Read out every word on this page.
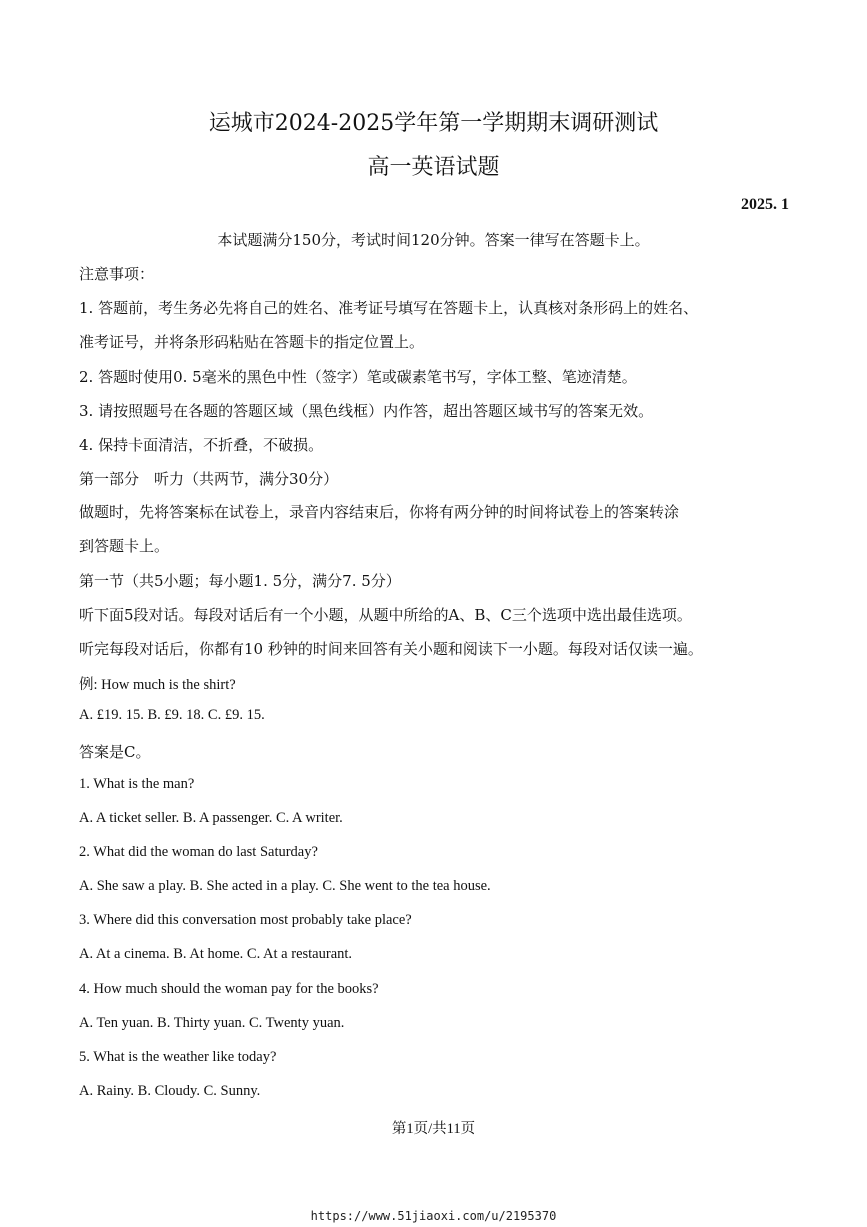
运城市2024-2025学年第一学期期末调研测试
高一英语试题
2025. 1
本试题满分150分，考试时间120分钟。答案一律写在答题卡上。
注意事项：
1. 答题前，考生务必先将自己的姓名、准考证号填写在答题卡上，认真核对条形码上的姓名、
准考证号，并将条形码粘贴在答题卡的指定位置上。
2. 答题时使用0. 5毫米的黑色中性（签字）笔或碳素笔书写，字体工整、笔迹清楚。
3. 请按照题号在各题的答题区域（黑色线框）内作答，超出答题区域书写的答案无效。
4. 保持卡面清洁，不折叠，不破损。
第一部分　听力（共两节，满分30分）
做题时，先将答案标在试卷上，录音内容结束后，你将有两分钟的时间将试卷上的答案转涂
到答题卡上。
第一节（共5小题；每小题1. 5分，满分7. 5分）
听下面5段对话。每段对话后有一个小题，从题中所给的A、B、C三个选项中选出最佳选项。
听完每段对话后，你都有10 秒钟的时间来回答有关小题和阅读下一小题。每段对话仅读一遍。
例: How much is the shirt?
A. £19. 15. B. £9. 18. C. £9. 15.
答案是C。
1. What is the man?
A. A ticket seller. B. A passenger. C. A writer.
2. What did the woman do last Saturday?
A. She saw a play. B. She acted in a play. C. She went to the tea house.
3. Where did this conversation most probably take place?
A. At a cinema. B. At home. C. At a restaurant.
4. How much should the woman pay for the books?
A. Ten yuan. B. Thirty yuan. C. Twenty yuan.
5. What is the weather like today?
A. Rainy. B. Cloudy. C. Sunny.
第1页/共11页
https://www.51jiaoxi.com/u/2195370
